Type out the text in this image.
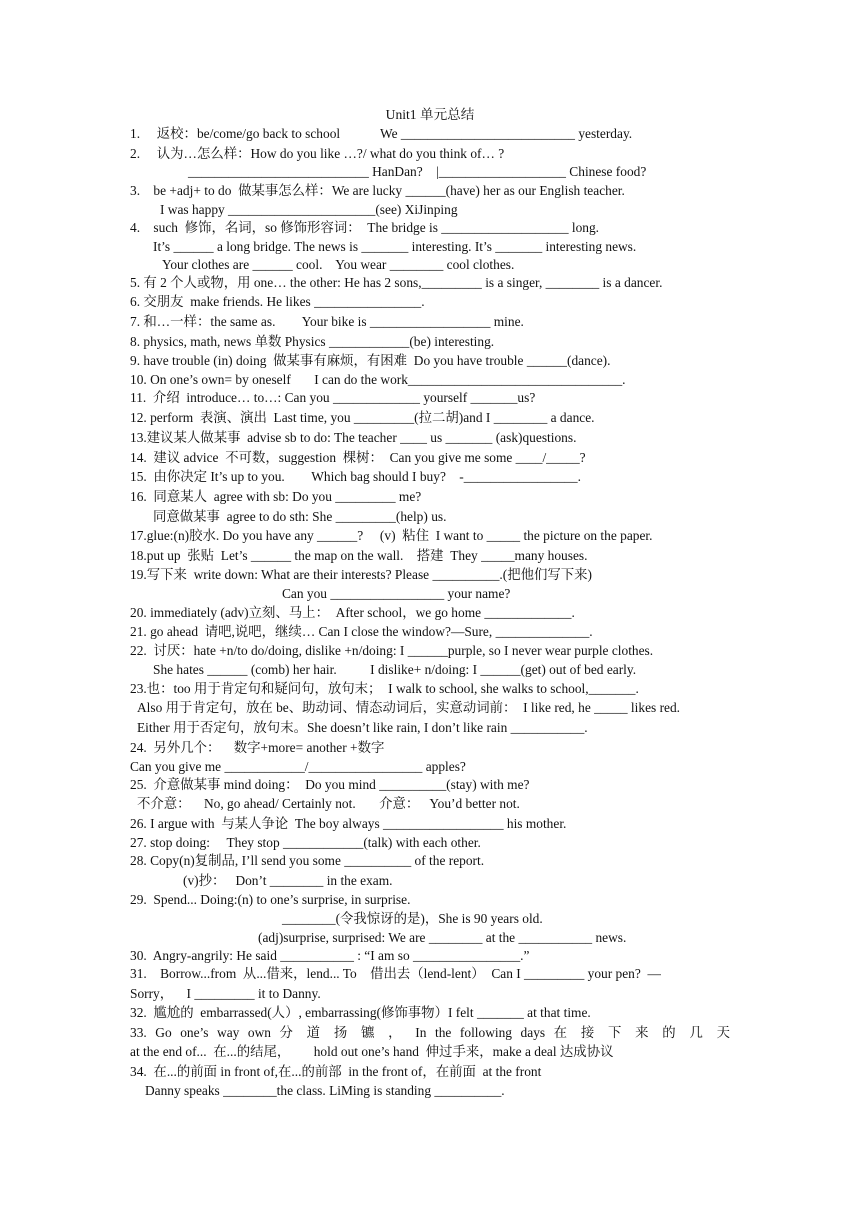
Unit1 单元总结
1.     返校：be/come/go back to school            We __________________________ yesterday.
2.     认为…怎么样：How do you like …?/ what do you think of… ?
___________________________ HanDan?    |___________________ Chinese food?
3.    be +adj+ to do  做某事怎么样：We are lucky ______(have) her as our English teacher.
I was happy ______________________(see) XiJinping
4.    such  修饰，名词，so 修饰形容词：  The bridge is ___________________ long.
It’s ______ a long bridge. The news is _______ interesting. It’s _______ interesting news.
Your clothes are ______ cool.    You wear ________ cool clothes.
5. 有 2 个人或物，用 one… the other: He has 2 sons,_________ is a singer, ________ is a dancer.
6. 交朋友  make friends. He likes ________________.
7. 和…一样：the same as.        Your bike is __________________ mine.
8. physics, math, news 单数 Physics ____________(be) interesting.
9. have trouble (in) doing  做某事有麻烦，有困难  Do you have trouble ______(dance).
10. On one’s own= by oneself       I can do the work________________________________.
11.  介绍  introduce… to…: Can you _____________ yourself _______us?
12. perform  表演、演出  Last time, you _________(拉二胡)and I ________ a dance.
13.建议某人做某事  advise sb to do: The teacher ____ us _______ (ask)questions.
14.  建议 advice  不可数，suggestion  棵树：  Can you give me some ____/_____?
15.  由你决定 It’s up to you.        Which bag should I buy?    -_________________.
16.  同意某人  agree with sb: Do you _________ me?
同意做某事  agree to do sth: She _________(help) us.
17.glue:(n)胶水. Do you have any ______?     (v)  粘住  I want to _____ the picture on the paper.
18.put up  张贴  Let’s ______ the map on the wall.    搭建  They _____many houses.
19.写下来  write down: What are their interests? Please __________.(把他们写下来)
Can you _________________ your name?
20. immediately (adv)立刻、马上：  After school，we go home _____________.
21. go ahead  请吧,说吧，继续… Can I close the window?—Sure, ______________.
22.  讨厌：hate +n/to do/doing, dislike +n/doing: I ______purple, so I never wear purple clothes.
She hates ______ (comb) her hair.          I dislike+ n/doing: I ______(get) out of bed early.
23.也：too 用于肯定句和疑问句，放句末；  I walk to school, she walks to school,_______.
Also 用于肯定句，放在 be、助动词、情态动词后，实意动词前：  I like red, he _____ likes red.
Either 用于否定句，放句末。She doesn’t like rain, I don’t like rain ___________.
24.  另外几个：    数字+more= another +数字
Can you give me ____________/_________________ apples?
25.  介意做某事 mind doing：  Do you mind __________(stay) with me?
不介意：    No, go ahead/ Certainly not.       介意：   You’d better not.
26. I argue with  与某人争论  The boy always __________________ his mother.
27. stop doing:     They stop ____________(talk) with each other.
28. Copy(n)复制品, I’ll send you some __________ of the report.
(v)抄：   Don’t ________ in the exam.
29.  Spend... Doing:(n) to one’s surprise, in surprise.
________(令我惊讶的是)，She is 90 years old.
(adj)surprise, surprised: We are ________ at the ___________ news.
30.  Angry-angrily: He said ___________ : “I am so ________________.”
31.    Borrow...from  从...借来，lend... To    借出去（lend-lent）  Can I _________ your pen?  —
Sorry，    I _________ it to Danny.
32.  尴尬的  embarrassed(人）, embarrassing(修饰事物）I felt _______ at that time.
33. Go one’s way own 分 道 扬 镳 ， In the following days 在 接 下 来 的 几 天
at the end of...  在...的结尾，       hold out one’s hand  伸过手来，make a deal 达成协议
34.  在...的前面 in front of,在...的前部  in the front of，在前面  at the front
Danny speaks ________the class. LiMing is standing __________.
